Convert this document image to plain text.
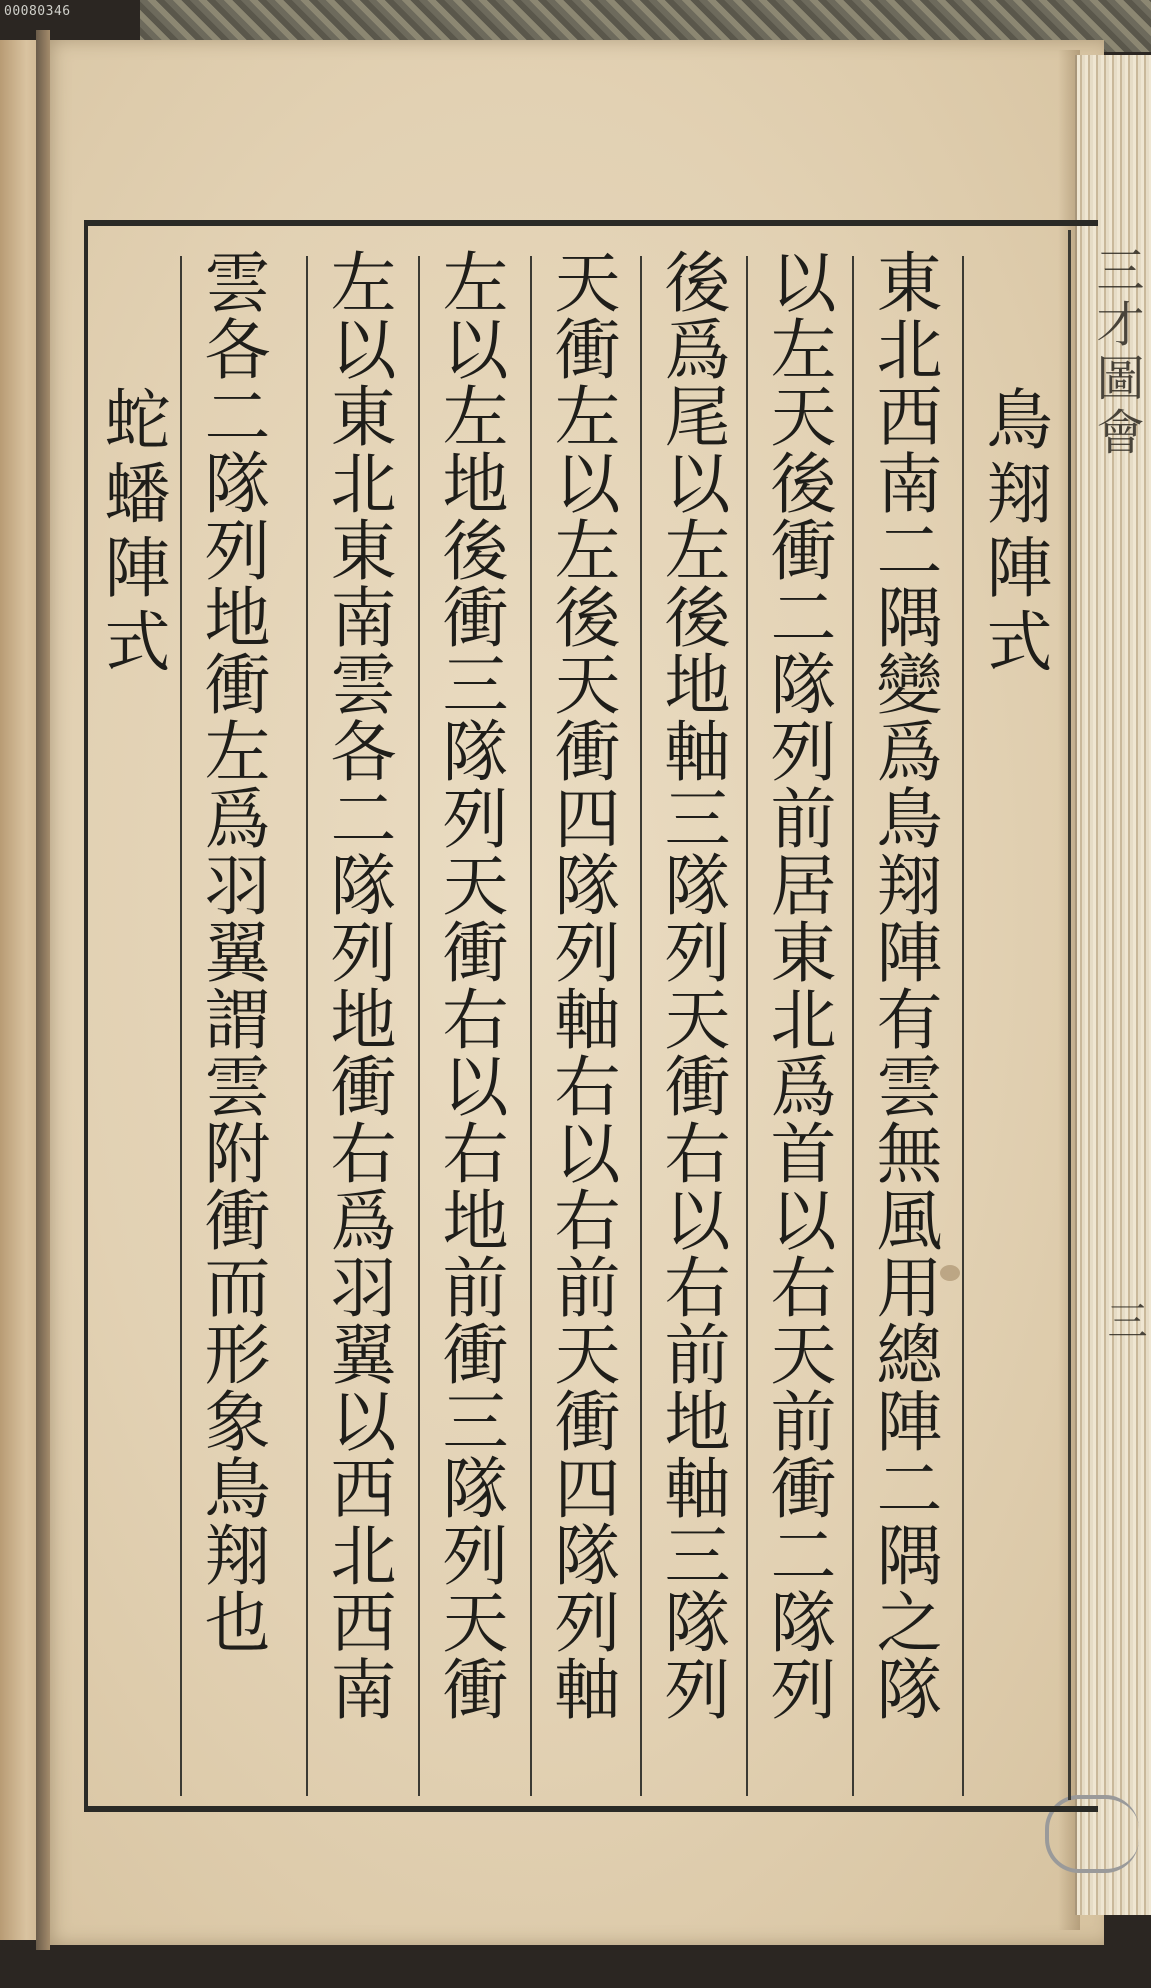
00080346
鳥翔陣式
東北西南二隅變爲鳥翔陣有雲無風用總陣二隅之隊
以左天後衝二隊列前居東北爲首以右天前衝二隊列
後爲尾以左後地軸三隊列天衝右以右前地軸三隊列
天衝左以左後天衝四隊列軸右以右前天衝四隊列軸
左以左地後衝三隊列天衝右以右地前衝三隊列天衝
左以東北東南雲各二隊列地衝右爲羽翼以西北西南
雲各二隊列地衝左爲羽翼謂雲附衝而形象鳥翔也
蛇蟠陣式
三才圖會
三
